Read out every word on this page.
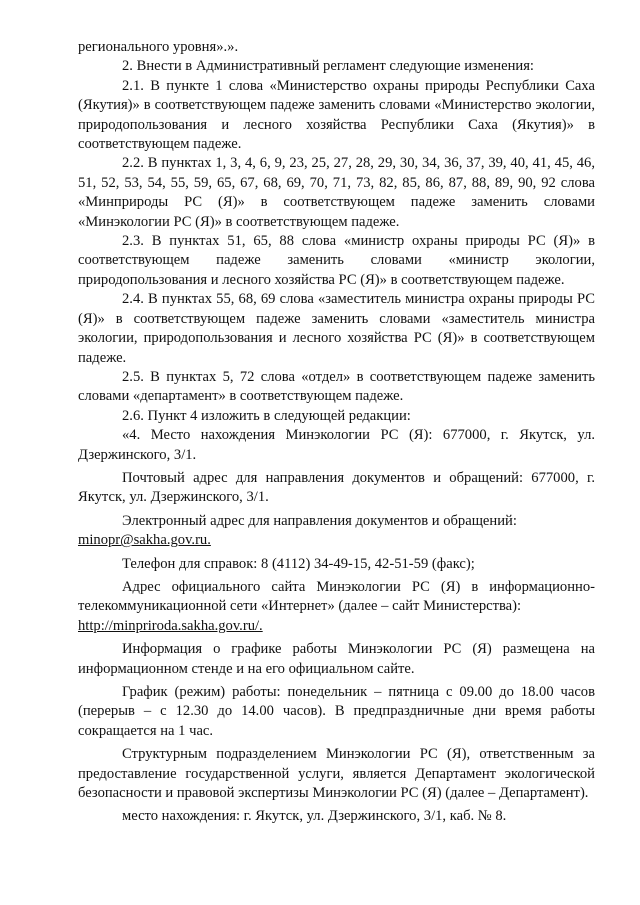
регионального уровня».».

2. Внести в Административный регламент следующие изменения:

2.1. В пункте 1 слова «Министерство охраны природы Республики Саха (Якутия)» в соответствующем падеже заменить словами «Министерство экологии, природопользования и лесного хозяйства Республики Саха (Якутия)» в соответствующем падеже.

2.2. В пунктах 1, 3, 4, 6, 9, 23, 25, 27, 28, 29, 30, 34, 36, 37, 39, 40, 41, 45, 46, 51, 52, 53, 54, 55, 59, 65, 67, 68, 69, 70, 71, 73, 82, 85, 86, 87, 88, 89, 90, 92 слова «Минприроды РС (Я)» в соответствующем падеже заменить словами «Минэкологии РС (Я)» в соответствующем падеже.

2.3. В пунктах 51, 65, 88 слова «министр охраны природы РС (Я)» в соответствующем падеже заменить словами «министр экологии, природопользования и лесного хозяйства РС (Я)» в соответствующем падеже.

2.4. В пунктах 55, 68, 69 слова «заместитель министра охраны природы РС (Я)» в соответствующем падеже заменить словами «заместитель министра экологии, природопользования и лесного хозяйства РС (Я)» в соответствующем падеже.

2.5. В пунктах 5, 72 слова «отдел» в соответствующем падеже заменить словами «департамент» в соответствующем падеже.

2.6. Пункт 4 изложить в следующей редакции:

«4. Место нахождения Минэкологии РС (Я): 677000, г. Якутск, ул. Дзержинского, 3/1.

Почтовый адрес для направления документов и обращений: 677000, г. Якутск, ул. Дзержинского, 3/1.

Электронный адрес для направления документов и обращений:

minopr@sakha.gov.ru.

Телефон для справок: 8 (4112) 34-49-15, 42-51-59 (факс);

Адрес официального сайта Минэкологии РС (Я) в информационно-телекоммуникационной сети «Интернет» (далее – сайт Министерства):

http://minpriroda.sakha.gov.ru/.

Информация о графике работы Минэкологии РС (Я) размещена на информационном стенде и на его официальном сайте.

График (режим) работы: понедельник – пятница с 09.00 до 18.00 часов (перерыв – с 12.30 до 14.00 часов). В предпраздничные дни время работы сокращается на 1 час.

Структурным подразделением Минэкологии РС (Я), ответственным за предоставление государственной услуги, является Департамент экологической безопасности и правовой экспертизы Минэкологии РС (Я) (далее – Департамент).

место нахождения: г. Якутск, ул. Дзержинского, 3/1, каб. № 8.
